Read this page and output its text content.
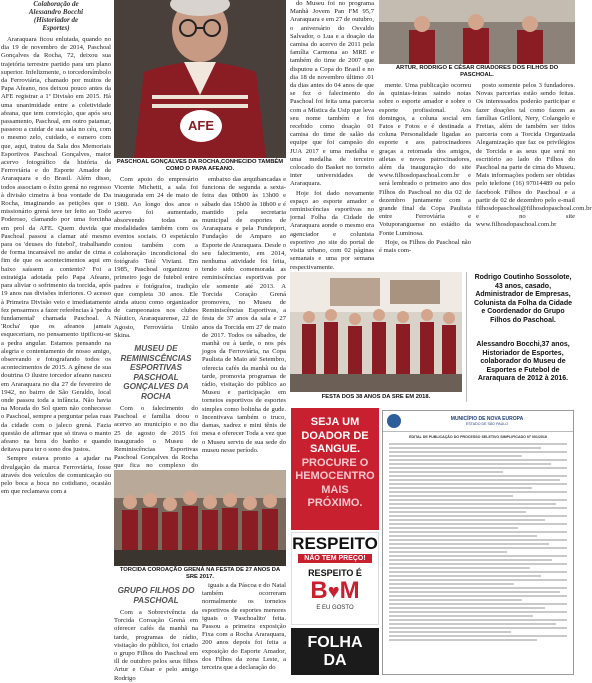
Colaboração de
Alessandro Bocchi
(Historiador de
Esportes)

Araraquara ficou enlutada, quando no dia 19 de novembro de 2014, Paschoal Gonçalves da Rocha, 72, deixou sua trajetória terrestre partido para um plano superior. Infelizmente, o torcedorsímbolo da Ferroviária, chamado por muitos de Papa Afeano, nos deixou pouco antes da AFE registrar a 1ª Divisão em 2015. Há uma unanimidade entre a coletividade afeana, que tem convicção, que após seu passamento, Paschoal, em outro patamar, passeou a cuidar de sua sala no céu, com o mesmo zelo, cuidado, e esmero com que, aqui, tratou da Sala dos Memoriais Esportivos Paschoal Gonçalves, maior acervo fotográfico da história da Ferroviária e do Esporte Amador de Araraquara e do Brasil. Além disso, todos associam o êxito grená no regresso à divisão cimeira à boa vontade de Da Rocha, imaginando as petições que o missionário grená teve ter feito ao Todo Poderoso, clamando por uma forcinha em prol da AFE. Quem duvida que Paschoal passou a clamar até mesmo para os 'deuses do futebol', trabalhando de forma incansável no andar de cima a fim de que os acontecimentos aqui em baixo saíssem a contento? Foi a estratégia adotada pelo Papa Afeano, para aliviar o sofrimento da torcida, após 19 anos nas divisões inferiores. O acesso à Primeira Divisão veio e imediatamente fez pensarmos a fazer referências à 'pedra fundamental' chamada Paschoal. A 'Rocha' que os afeanos jamais esqueceriam, no pensamento tipificou-se a pedra angular. Estamos pensando na alegria e contentamento de nosso amigo, observando e fotografando todos os acontecimentos de 2015. A gênese de sua doutrina O ilustre torcedor afeano nasceu em Araraquara no dia 27 de fevereiro de 1942, no bairro de São Geraldo, local onde passou toda a infância. Não havia na Morada do Sol quem não conhecesse o Paschoal, sempre a perguntar pelas ruas da cidade com o jaleco grená. Fazia questão de afirmar que só tirava o manto afeano na hora do banho e quando deitava para ter o sono dos justos.

Sempre estava pronto a ajudar na divulgação da marca Ferroviária, fosse através dos veículos de comunicação ou pelo boca a boca no cotidiano, ocasião em que reclamava com a

AFE
PASCHOAL GONÇALVES DA ROCHA,CONHECIDO TAMBÉM COMO O PAPA AFEANO.

Com apoio do empresário Vicente Michetti, a sala foi inaugurada em 24 de maio de 1980. Ao longo dos anos o acervo foi aumentado, absorvendo todas as modalidades também com os eventos sociais. O espetáculo contou também com a colaboração incondicional do fotógrafo Teté Viviani. Em 1985, Paschoal organizou o primeiro jogo de futebol entre padres e fotógrafos, tradição que completa 30 anos. Ele ainda atuou como organizador de campeonatos nos clubes Náutico, Araraquarense, 22 de Agosto, Ferroviária União Skina.

MUSEU DE REMINISCÊNCIAS ESPORTIVAS PASCHOAL GONÇALVES DA ROCHA

Com o falecimento do Paschoal e família doou o acervo ao município e no dia 25 de agosto de 2015 foi inaugurado o Museu de Reminiscências Esportivas Paschoal Gonçalves da Rocha que fica no complexo do

TORCIDA COROAÇÃO GRENÁ NA FESTA DE 27 ANOS DA SRE 2017.
GRUPO FILHOS DO PASCHOAL

Com a Sobrevivência da Torcida Coroação Grená em oferecer cafés da manhã na tarde, programas de rádio, visitação do público, foi criado o grupo Filhos do Paschoal em ill de outubro pelos seus filhos Artur e César e pelo amigo Rodrigo

embaixo das arquibancadas e funciona de segunda a sexta-feira das 08h00 às 13h00 e sábado das 15h00 às 18h00 e é mantido pela secretaria municipal de esportes de Araraquara e pela Fundeport, Fundação de Amparo ao Esporte de Araraquara. Desde o seu falecimento, em 2014, nenhuma atividade foi feita, tendo sido comemorada as reminiscências esportivas por ele somente até 2013. A Torcida Coração Grená promoveu, no Museu de Reminiscências Esportivas, a festa de 37 anos da sala e 27 anos da Torcida em 27 de maio de 2017. Todos os sábados, de manhã ou à tarde, o nos pés jogos da Ferroviária, na Copa Paulista de Maio até Setembro, oferecia cafés da manhã ou da tarde, promovia programas de rádio, visitação do público ao Museu e participação em torneios esportivos de esportes simples como bolinha de gude. Incentivava também o truco, damas, xadrez e mini tênis de mesa e oferecer Toda a vez que o Museu serviu de sua sede do museu nesse período.

iguais a da Páscoa e do Natal também ocorreram normalmente os torneios esportivos de esportes menores iguais o 'Paschoalito' feita. Passou a primeira exposição Fixa com a Rocha Araraquara, 200 anos depois foi feita a exposição do Esporte Amador, dos Filhos da zona Leste, a terceira que a declaração do

SEJA UM
DOADOR DE
SANGUE.
PROCURE O
HEMOCENTRO
MAIS
PRÓXIMO.
RESPEITO
NÃO TEM PREÇO!
RESPEITO É
B♥M
E EU GOSTO
FOLHA
DA

do Museu foi no programa Manhã Jovem Pan FM 95,7 Araraquara e em 27 de outubro, o aniversário do Osvaldo Salvador, o Lua e a doação da camisa do acervo de 2011 pela família Carmona ao MRE e também do time de 2007 que disputou a Copa do Brasil e no dia 18 de novembro último .01 da dias antes do 04 anos de que se fez o falecimento do Paschoal foi feita uma parceria com a Mística da Usip que leva seu nome também e foi recebido como doação 01 camisa do time de salão da equipe que foi campeão do JUA 2017 e uma medalha e uma medalha de terceiro colocado do Basket no torneio inter universidades de Araraquara.

Hoje foi dado novamente espaço ao esporte amador e reminiscências esportivas no jornal Folha da Cidade de Araraquara aonde o mesmo era agenciador e colunista esportivo ,no site do portal de visita urbano, com 02 páginas semanais e uma por semana respectivamente.

FESTA DOS 38 ANOS DA SRE EM 2018.
ARTUR, RODRIGO E CÉSAR CRIADORES DOS FILHOS DO PASCHOAL.

mente. Uma publicação ocorreu às quintas-feiras saindo notas sobre o esporte amador e sobre o esporte profissional. Aos domingos, a coluna social em Fatos e Fotos e é destinada a coluna Personalidade ligadas ao esporte e aos patrocinadores graças a retomada dos amigos, atletas e novos patrocinadores, além da inauguração do site www.filhosdopaschoal.com.br e será lembrado o primeiro ano dos Filhos do Paschoal no dia 02 de dezembro juntamente com a grande final da Copa Paulista entre Ferroviária e Votuporanguense no estádio da Fonte Luminosa.

Hoje, os Filhos do Paschoal não é mais com-

posto somente pelos 3 fundadores. Novas parcerias estão sendo feitas. Os interessados poderão participar e fazer doações tal como fazem as famílias Grilloni, Nery, Colangelo e Freitas, além de também ser tidos parceria com a Torcida Organizada Alegamização que faz os privilégios de Torcida e as seus que será no escritório ao lado do Filhos do Paschoal na parte de cima do Museu. Mais informações podem ser obtidas pelo telefone (16) 97014489 ou pelo facebook Filhos do Paschoal e a partir de 02 de dezembro pelo e-mail filhosdopaschoal@filhosdopaschoal.com.br e no site www.filhosdopaschoal.com.br

Rodrigo Coutinho Sossolote, 43 anos, casado, Administrador de Empresas, Colunista da Folha da Cidade e Coordenador do Grupo Filhos do Paschoal.
Alessandro Bocchi,37 anos, Historiador de Esportes, colaborador do Museu de Esportes e Futebol de Araraquara de 2012 à 2016.
MUNICÍPIO DE NOVA EUROPA
ESTADO DE SÃO PAULO
EDITAL DE PUBLICAÇÃO DO PROCESSO SELETIVO SIMPLIFICADO Nº 001/2018
